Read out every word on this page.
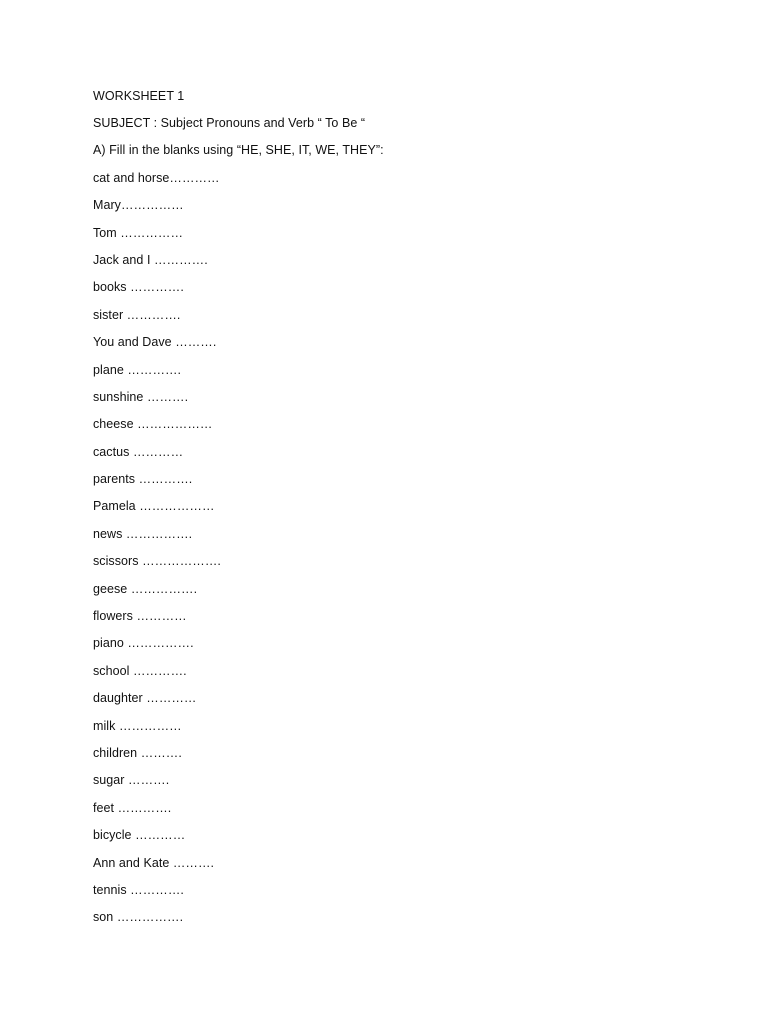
WORKSHEET 1
SUBJECT : Subject Pronouns and Verb “ To Be “
A) Fill in the blanks using “HE, SHE, IT, WE, THEY”:
cat and horse…………
Mary……………
Tom ……………
Jack and I ………….
books ………….
sister ………….
You and Dave ……….
plane ………….
sunshine ……….
cheese ………………
cactus …………
parents ………….
Pamela ………………
news …………….
scissors ……………….
geese …………….
flowers …………
piano …………….
school ………….
daughter …………
milk ……………
children ……….
sugar ……….
feet ………….
bicycle …………
Ann and Kate ……….
tennis ………….
son …………….
